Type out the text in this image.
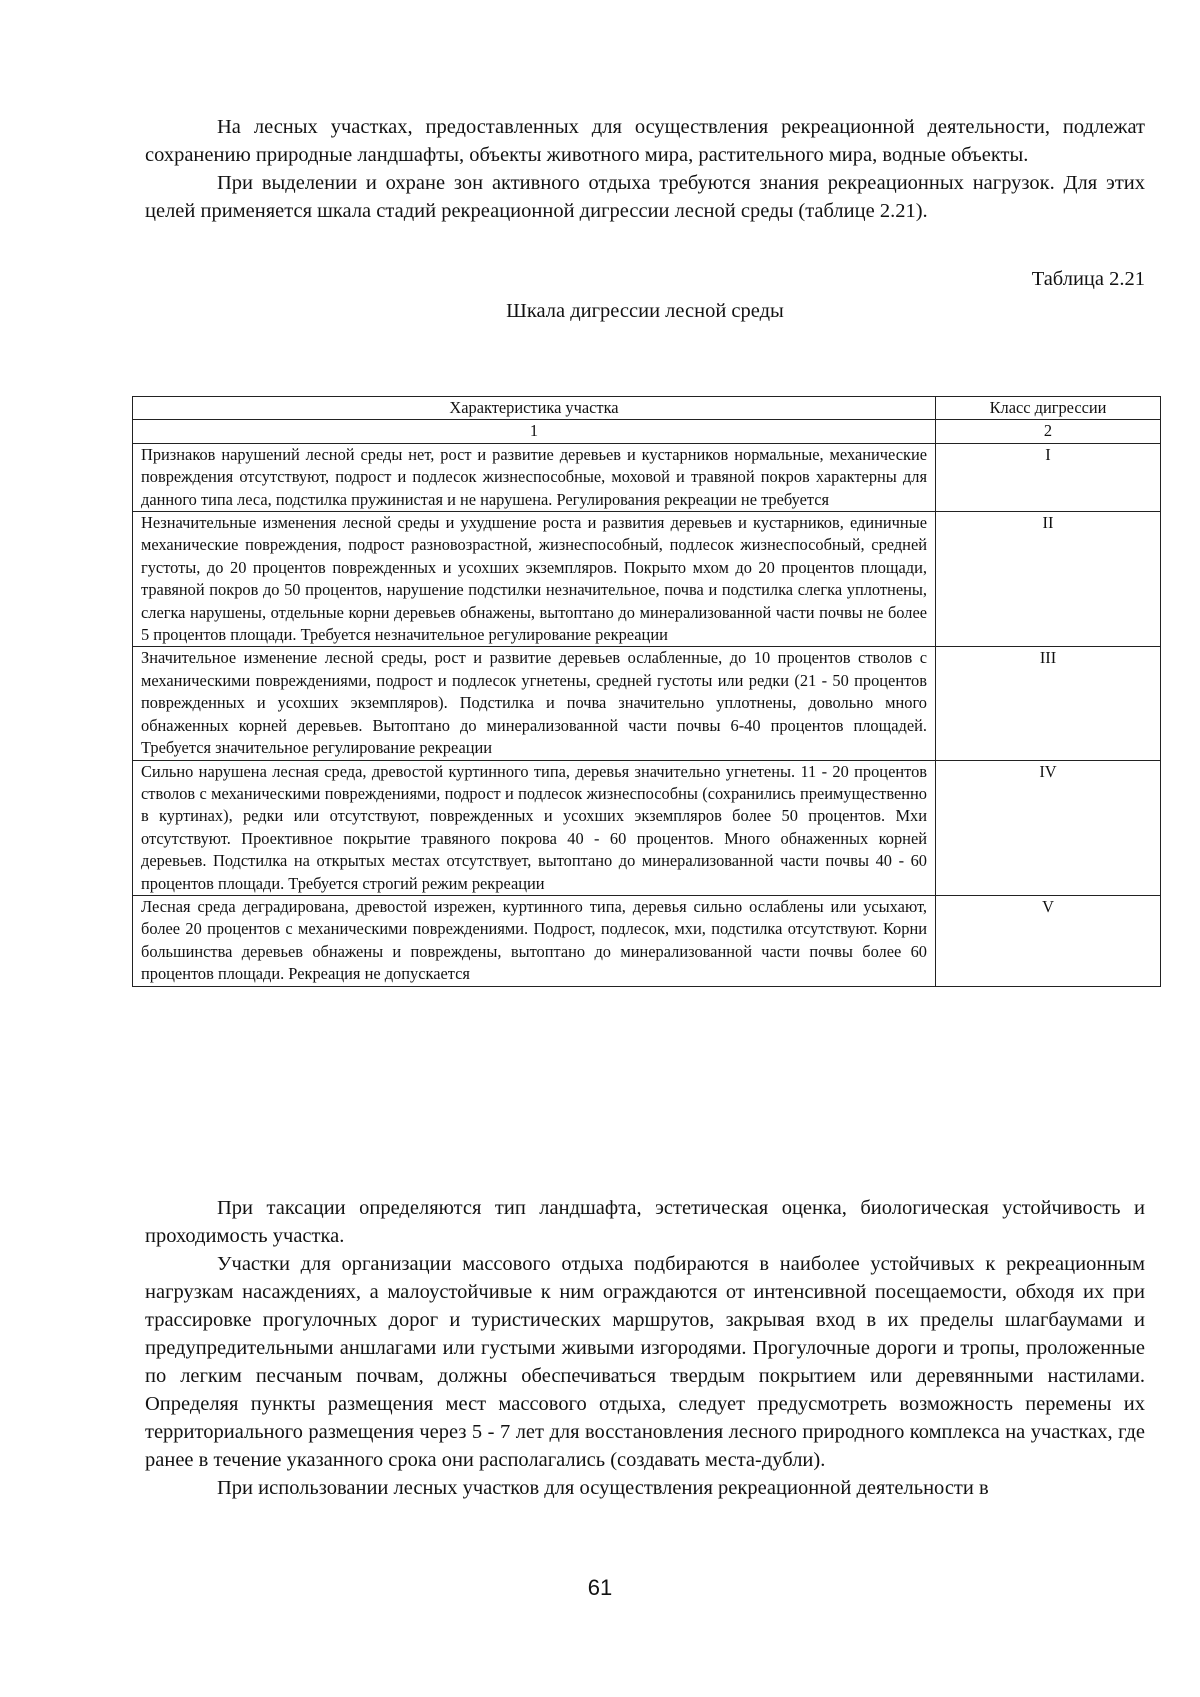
На лесных участках, предоставленных для осуществления рекреационной деятельности, подлежат сохранению природные ландшафты, объекты животного мира, растительного мира, водные объекты.

При выделении и охране зон активного отдыха требуются знания рекреационных нагрузок. Для этих целей применяется шкала стадий рекреационной дигрессии лесной среды (таблице 2.21).

Таблица 2.21
Шкала дигрессии лесной среды
Характеристика участка	Класс дигрессии
1	2
Признаков нарушений лесной среды нет, рост и развитие деревьев и кустарников нормальные, механические повреждения отсутствуют, подрост и подлесок жизнеспособные, моховой и травяной покров характерны для данного типа леса, подстилка пружинистая и не нарушена. Регулирования рекреации не требуется	I
Незначительные изменения лесной среды и ухудшение роста и развития деревьев и кустарников, единичные механические повреждения, подрост разновозрастной, жизнеспособный, подлесок жизнеспособный, средней густоты, до 20 процентов поврежденных и усохших экземпляров. Покрыто мхом до 20 процентов площади, травяной покров до 50 процентов, нарушение подстилки незначительное, почва и подстилка слегка уплотнены, слегка нарушены, отдельные корни деревьев обнажены, вытоптано до минерализованной части почвы не более 5 процентов площади. Требуется незначительное регулирование рекреации	II
Значительное изменение лесной среды, рост и развитие деревьев ослабленные, до 10 процентов стволов с механическими повреждениями, подрост и подлесок угнетены, средней густоты или редки (21 - 50 процентов поврежденных и усохших экземпляров). Подстилка и почва значительно уплотнены, довольно много обнаженных корней деревьев. Вытоптано до минерализованной части почвы 6-40 процентов площадей. Требуется значительное регулирование рекреации	III
Сильно нарушена лесная среда, древостой куртинного типа, деревья значительно угнетены. 11 - 20 процентов стволов с механическими повреждениями, подрост и подлесок жизнеспособны (сохранились преимущественно в куртинах), редки или отсутствуют, поврежденных и усохших экземпляров более 50 процентов. Мхи отсутствуют. Проективное покрытие травяного покрова 40 - 60 процентов. Много обнаженных корней деревьев. Подстилка на открытых местах отсутствует, вытоптано до минерализованной части почвы 40 - 60 процентов площади. Требуется строгий режим рекреации	IV
Лесная среда деградирована, древостой изрежен, куртинного типа, деревья сильно ослаблены или усыхают, более 20 процентов с механическими повреждениями. Подрост, подлесок, мхи, подстилка отсутствуют. Корни большинства деревьев обнажены и повреждены, вытоптано до минерализованной части почвы более 60 процентов площади. Рекреация не допускается	V

При таксации определяются тип ландшафта, эстетическая оценка, биологическая устойчивость и проходимость участка.

Участки для организации массового отдыха подбираются в наиболее устойчивых к рекреационным нагрузкам насаждениях, а малоустойчивые к ним ограждаются от интенсивной посещаемости, обходя их при трассировке прогулочных дорог и туристических маршрутов, закрывая вход в их пределы шлагбаумами и предупредительными аншлагами или густыми живыми изгородями. Прогулочные дороги и тропы, проложенные по легким песчаным почвам, должны обеспечиваться твердым покрытием или деревянными настилами. Определяя пункты размещения мест массового отдыха, следует предусмотреть возможность перемены их территориального размещения через 5 - 7 лет для восстановления лесного природного комплекса на участках, где ранее в течение указанного срока они располагались (создавать места-дубли).

При использовании лесных участков для осуществления рекреационной деятельности в

61
